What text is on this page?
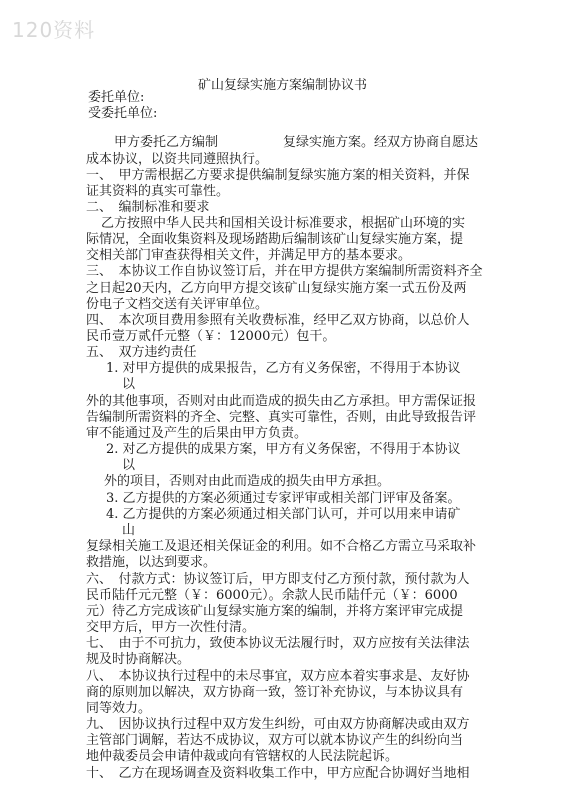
120资料
矿山复绿实施方案编制协议书
委托单位:
受委托单位:
甲方委托乙方编制　　　　　复绿实施方案。经双方协商自愿达
成本协议，以资共同遵照执行。
一、　甲方需根据乙方要求提供编制复绿实施方案的相关资料，并保
证其资料的真实可靠性。
二、　编制标准和要求
乙方按照中华人民共和国相关设计标准要求，根据矿山环境的实
际情况，全面收集资料及现场踏勘后编制该矿山复绿实施方案，提
交相关部门审查获得相关文件，并满足甲方的基本要求。
三、　本协议工作自协议签订后，并在甲方提供方案编制所需资料齐全
之日起20天内，乙方向甲方提交该矿山复绿实施方案一式五份及两
份电子文档交送有关评审单位。
四、　本次项目费用参照有关收费标准，经甲乙双方协商，以总价人
民币壹万贰仟元整（￥：12000元）包干。
五、　双方违约责任
1. 对甲方提供的成果报告，乙方有义务保密，不得用于本协议
以
外的其他事项，否则对由此而造成的损失由乙方承担。甲方需保证报
告编制所需资料的齐全、完整、真实可靠性，否则，由此导致报告评
审不能通过及产生的后果由甲方负责。
2. 对乙方提供的成果方案，甲方有义务保密，不得用于本协议
以
外的项目，否则对由此而造成的损失由甲方承担。
3. 乙方提供的方案必须通过专家评审或相关部门评审及备案。
4. 乙方提供的方案必须通过相关部门认可，并可以用来申请矿
山
复绿相关施工及退还相关保证金的利用。如不合格乙方需立马采取补
救措施，以达到要求。
六、　付款方式：协议签订后，甲方即支付乙方预付款，预付款为人
民币陆仟元元整（￥：6000元）。余款人民币陆仟元（￥：6000
元）待乙方完成该矿山复绿实施方案的编制，并将方案评审完成提
交甲方后，甲方一次性付清。
七、　由于不可抗力，致使本协议无法履行时，双方应按有关法律法
规及时协商解决。
八、　本协议执行过程中的未尽事宜，双方应本着实事求是、友好协
商的原则加以解决，双方协商一致，签订补充协议，与本协议具有
同等效力。
九、　因协议执行过程中双方发生纠纷，可由双方协商解决或由双方
主管部门调解，若达不成协议，双方可以就本协议产生的纠纷向当
地仲裁委员会申请仲裁或向有管辖权的人民法院起诉。
十、　乙方在现场调查及资料收集工作中，甲方应配合协调好当地相
